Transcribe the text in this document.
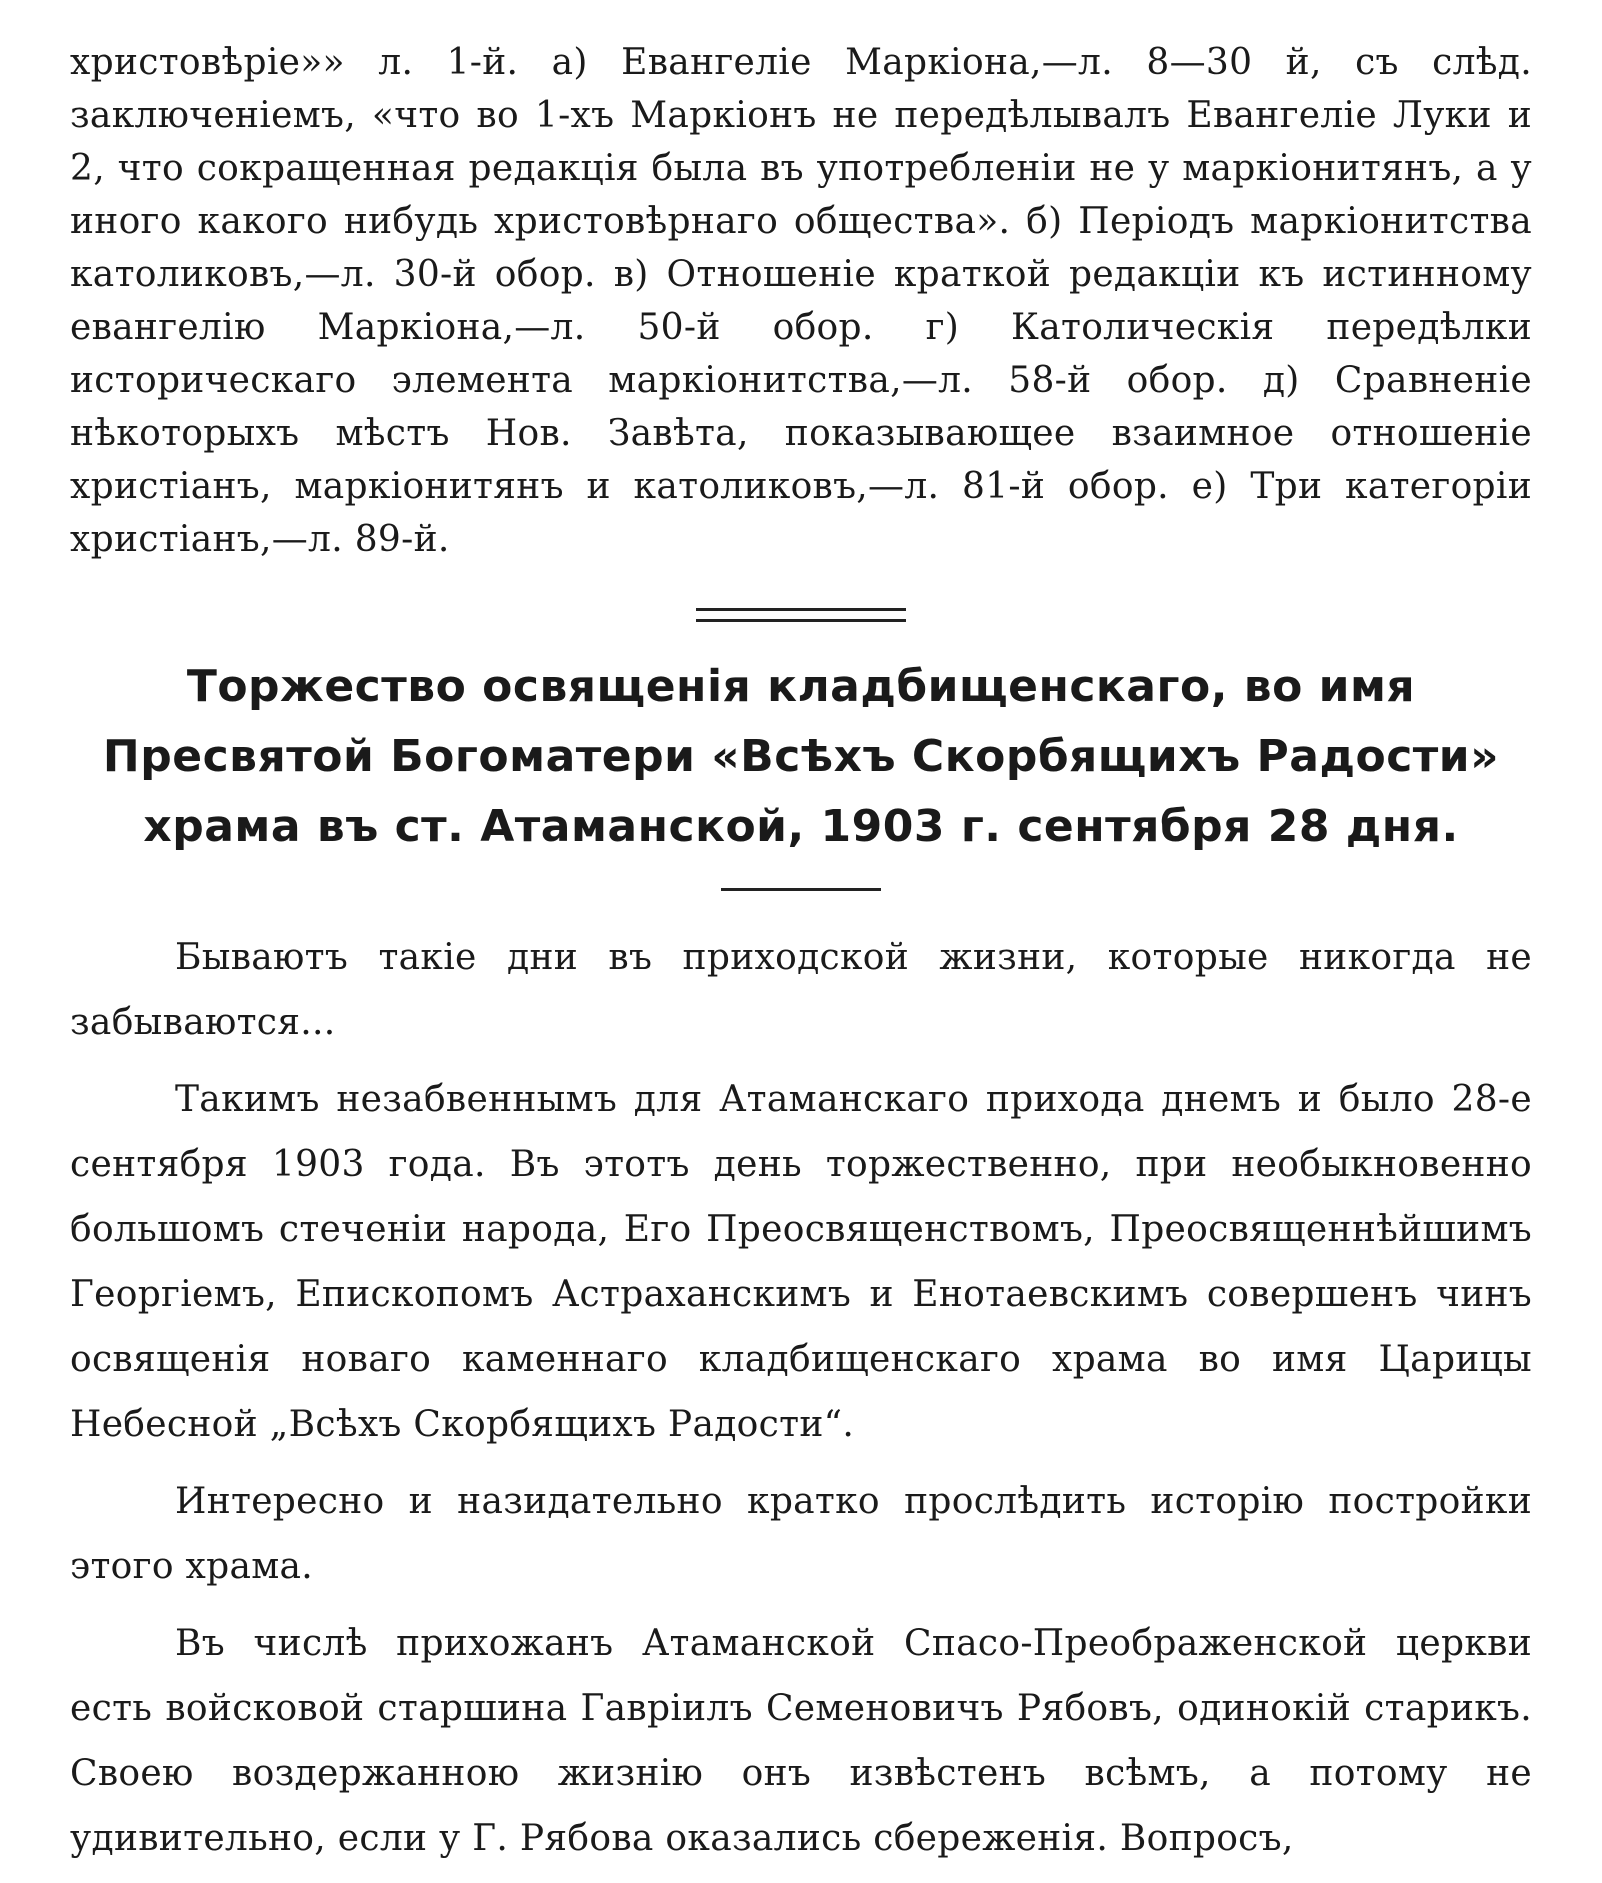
христовѣріе»» л. 1-й. а) Евангеліе Маркіона,—л. 8—30 й, съ слѣд. заключеніемъ, «что во 1-хъ Маркіонъ не передѣлывалъ Евангеліе Луки и 2, что сокращенная редакція была въ употребленіи не у маркіонитянъ, а у иного какого нибудь христовѣрнаго общества». б) Періодъ маркіонитства католиковъ,—л. 30-й обор. в) Отношеніе краткой редакціи къ истинному евангелію Маркіона,—л. 50-й обор. г) Католическія передѣлки историческаго элемента маркіонитства,—л. 58-й обор. д) Сравненіе нѣкоторыхъ мѣстъ Нов. Завѣта, показывающее взаимное отношеніе христіанъ, маркіонитянъ и католиковъ,—л. 81-й обор. е) Три категоріи христіанъ,—л. 89-й.

Торжество освященія кладбищенскаго, во имя Пресвятой Богоматери «Всѣхъ Скорбящихъ Радости» храма въ ст. Атаманской, 1903 г. сентября 28 дня.

Бываютъ такіе дни въ приходской жизни, которые никогда не забываются...

Такимъ незабвеннымъ для Атаманскаго прихода днемъ и было 28-е сентября 1903 года. Въ этотъ день торжественно, при необыкновенно большомъ стеченіи народа, Его Преосвященствомъ, Преосвященнѣйшимъ Георгіемъ, Епископомъ Астраханскимъ и Енотаевскимъ совершенъ чинъ освященія новаго каменнаго кладбищенскаго храма во имя Царицы Небесной „Всѣхъ Скорбящихъ Радости“.

Интересно и назидательно кратко прослѣдить исторію постройки этого храма.

Въ числѣ прихожанъ Атаманской Спасо-Преображенской церкви есть войсковой старшина Гавріилъ Семеновичъ Рябовъ, одинокій старикъ. Своею воздержанною жизнію онъ извѣстенъ всѣмъ, а потому не удивительно, если у Г. Рябова оказались сбереженія. Вопросъ,
